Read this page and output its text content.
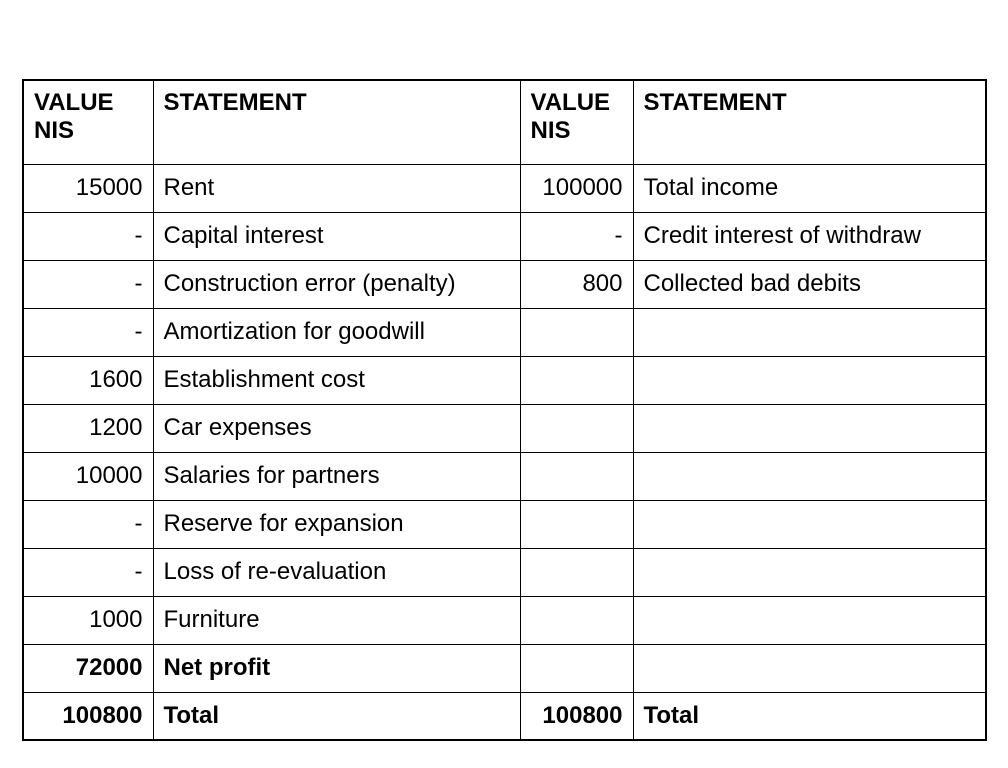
VALUE NIS	STATEMENT	VALUE NIS	STATEMENT
15000	Rent	100000	Total income
-	Capital interest	-	Credit interest of withdraw
-	Construction error (penalty)	800	Collected bad debits
-	Amortization for goodwill		
1600	Establishment cost		
1200	Car expenses		
10000	Salaries for partners		
-	Reserve for expansion		
-	Loss of re-evaluation		
1000	Furniture		
72000	Net profit		
100800	Total	100800	Total
